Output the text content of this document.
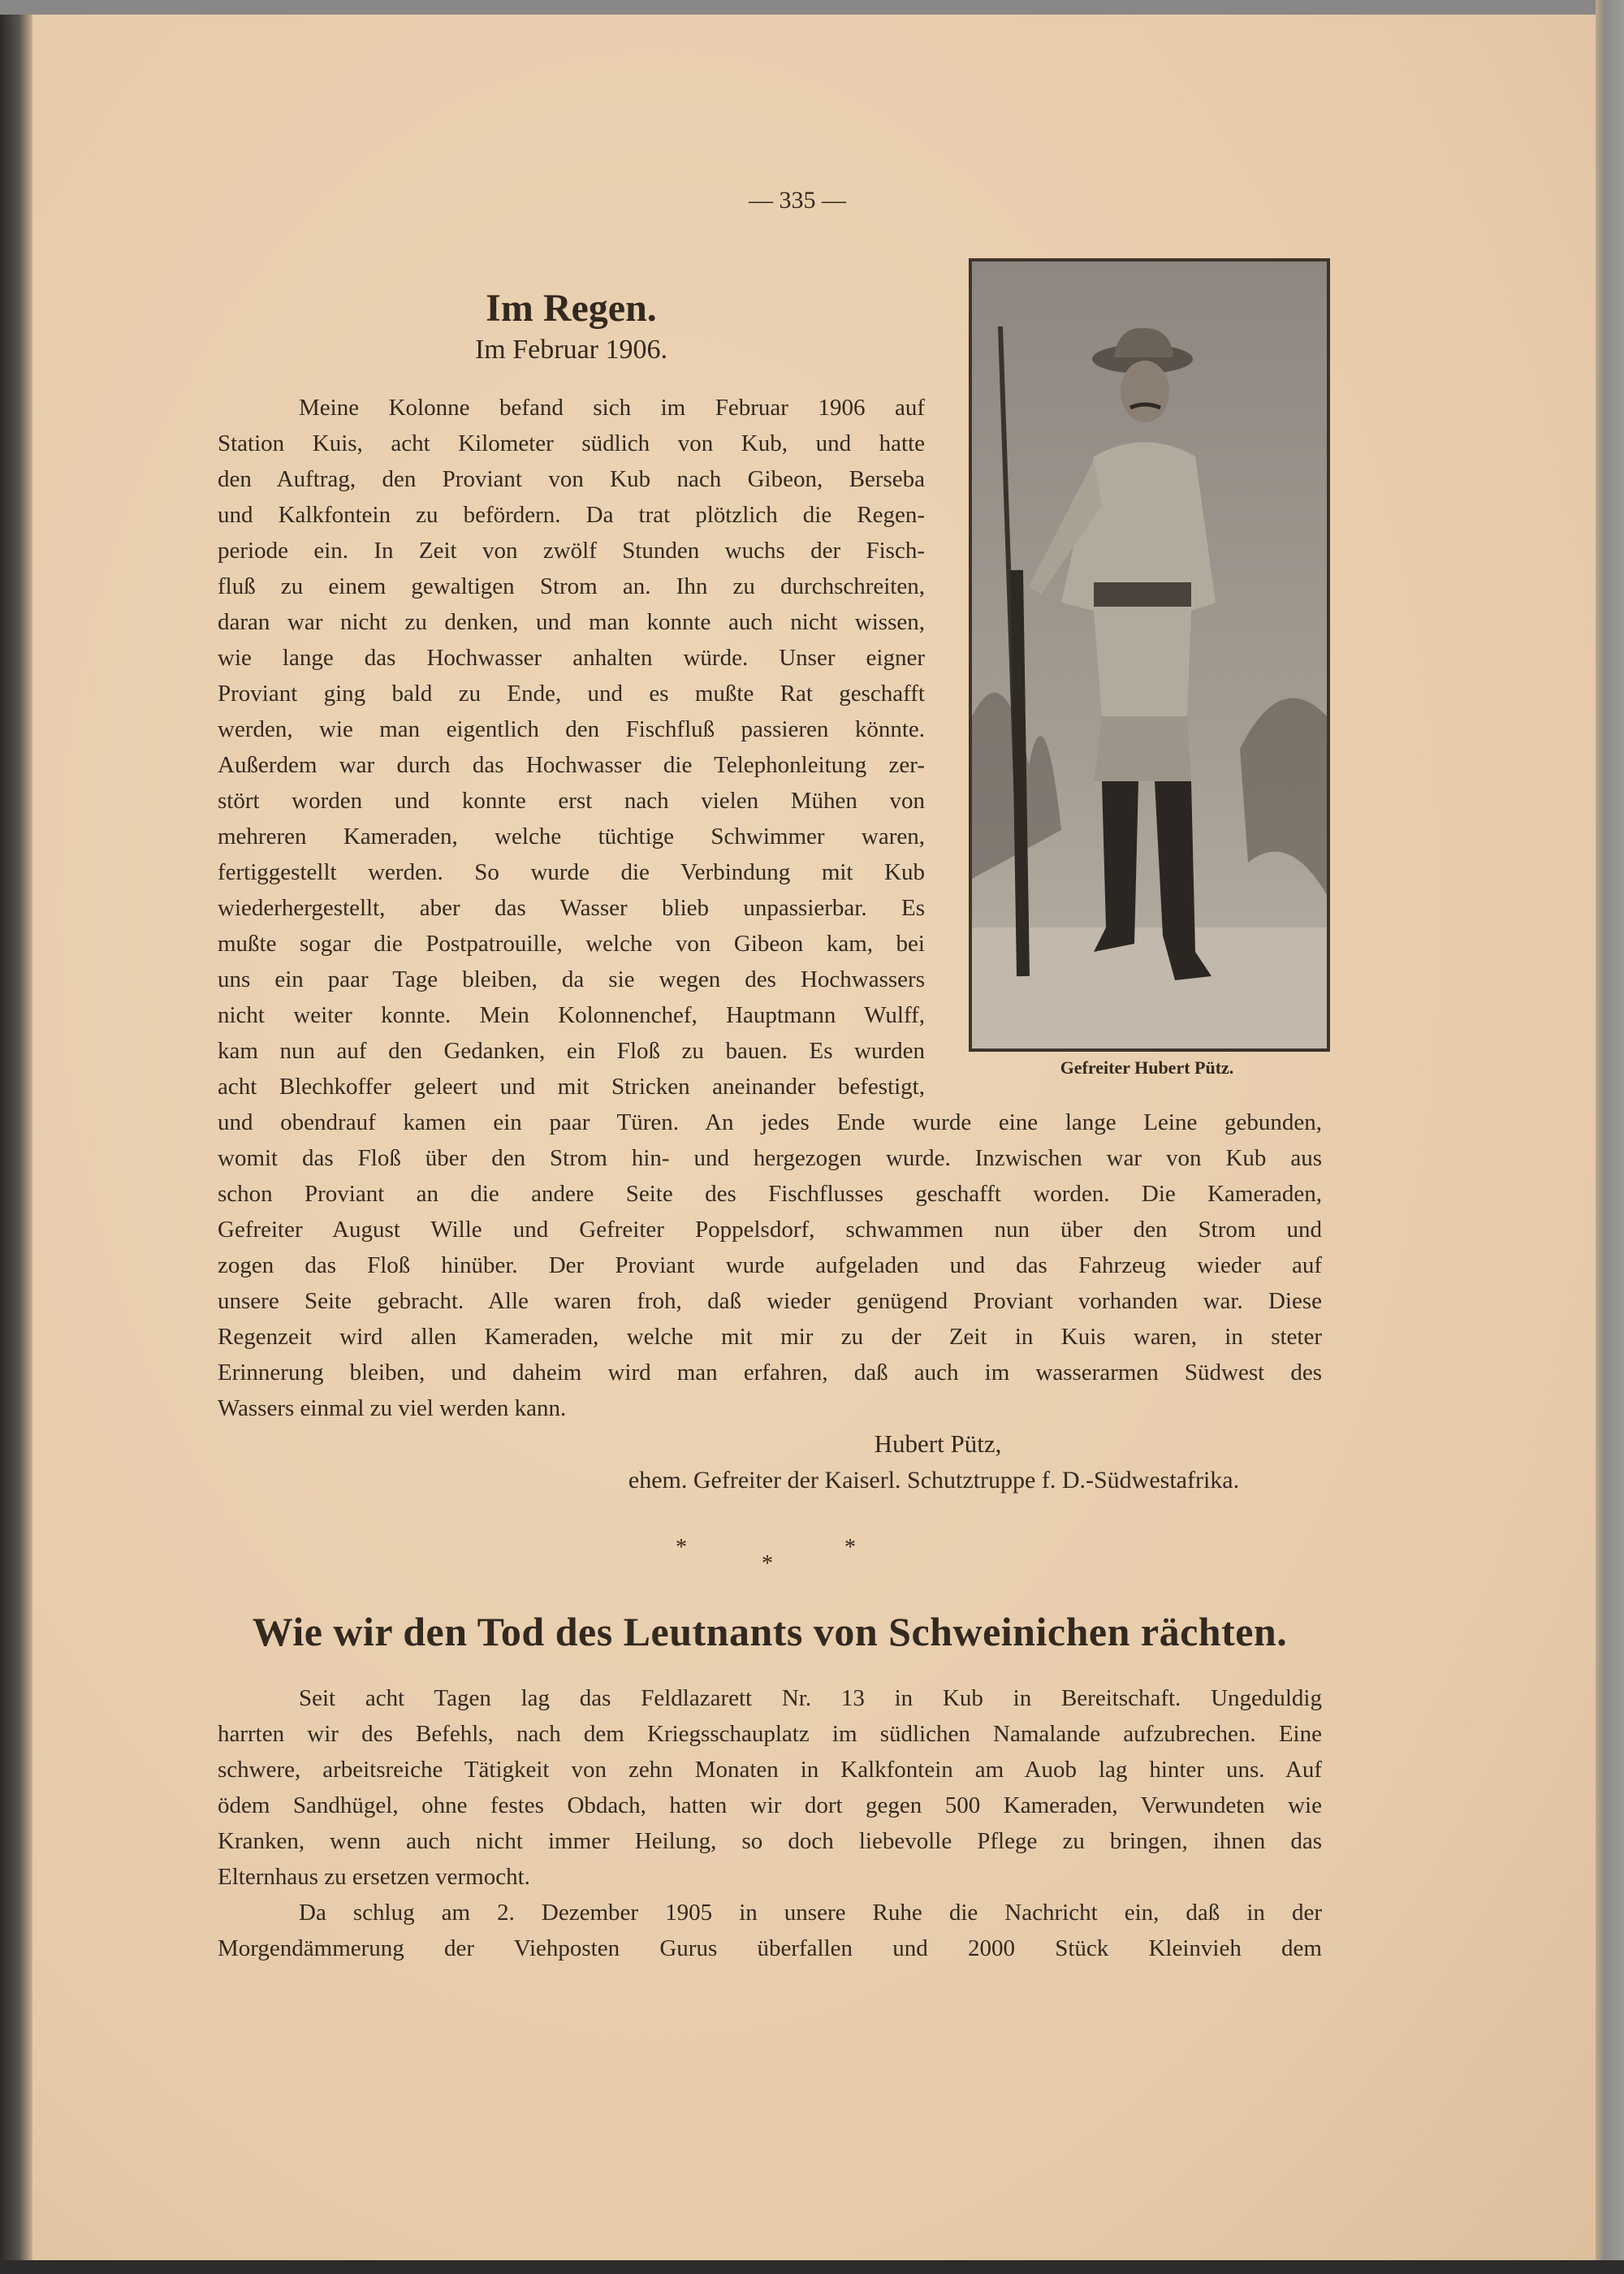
— 335 —
Im Regen.
Im Februar 1906.
Gefreiter Hubert Pütz.
Meine Kolonne befand sich im Februar 1906 auf
Station Kuis, acht Kilometer südlich von Kub, und hatte
den Auftrag, den Proviant von Kub nach Gibeon, Berseba
und Kalkfontein zu befördern. Da trat plötzlich die Regen-
periode ein. In Zeit von zwölf Stunden wuchs der Fisch-
fluß zu einem gewaltigen Strom an. Ihn zu durchschreiten,
daran war nicht zu denken, und man konnte auch nicht wissen,
wie lange das Hochwasser anhalten würde. Unser eigner
Proviant ging bald zu Ende, und es mußte Rat geschafft
werden, wie man eigentlich den Fischfluß passieren könnte.
Außerdem war durch das Hochwasser die Telephonleitung zer-
stört worden und konnte erst nach vielen Mühen von
mehreren Kameraden, welche tüchtige Schwimmer waren,
fertiggestellt werden. So wurde die Verbindung mit Kub
wiederhergestellt, aber das Wasser blieb unpassierbar. Es
mußte sogar die Postpatrouille, welche von Gibeon kam, bei
uns ein paar Tage bleiben, da sie wegen des Hochwassers
nicht weiter konnte. Mein Kolonnenchef, Hauptmann Wulff,
kam nun auf den Gedanken, ein Floß zu bauen. Es wurden
acht Blechkoffer geleert und mit Stricken aneinander befestigt,
und obendrauf kamen ein paar Türen. An jedes Ende wurde eine lange Leine gebunden,
womit das Floß über den Strom hin- und hergezogen wurde. Inzwischen war von Kub aus
schon Proviant an die andere Seite des Fischflusses geschafft worden. Die Kameraden,
Gefreiter August Wille und Gefreiter Poppelsdorf, schwammen nun über den Strom und
zogen das Floß hinüber. Der Proviant wurde aufgeladen und das Fahrzeug wieder auf
unsere Seite gebracht. Alle waren froh, daß wieder genügend Proviant vorhanden war. Diese
Regenzeit wird allen Kameraden, welche mit mir zu der Zeit in Kuis waren, in steter
Erinnerung bleiben, und daheim wird man erfahren, daß auch im wasserarmen Südwest des
Wassers einmal zu viel werden kann.
Hubert Pütz,
ehem. Gefreiter der Kaiserl. Schutztruppe f. D.-Südwestafrika.
*
*
*
Wie wir den Tod des Leutnants von Schweinichen rächten.
Seit acht Tagen lag das Feldlazarett Nr. 13 in Kub in Bereitschaft. Ungeduldig
harrten wir des Befehls, nach dem Kriegsschauplatz im südlichen Namalande aufzubrechen. Eine
schwere, arbeitsreiche Tätigkeit von zehn Monaten in Kalkfontein am Auob lag hinter uns. Auf
ödem Sandhügel, ohne festes Obdach, hatten wir dort gegen 500 Kameraden, Verwundeten wie
Kranken, wenn auch nicht immer Heilung, so doch liebevolle Pflege zu bringen, ihnen das
Elternhaus zu ersetzen vermocht.
Da schlug am 2. Dezember 1905 in unsere Ruhe die Nachricht ein, daß in der
Morgendämmerung der Viehposten Gurus überfallen und 2000 Stück Kleinvieh dem
